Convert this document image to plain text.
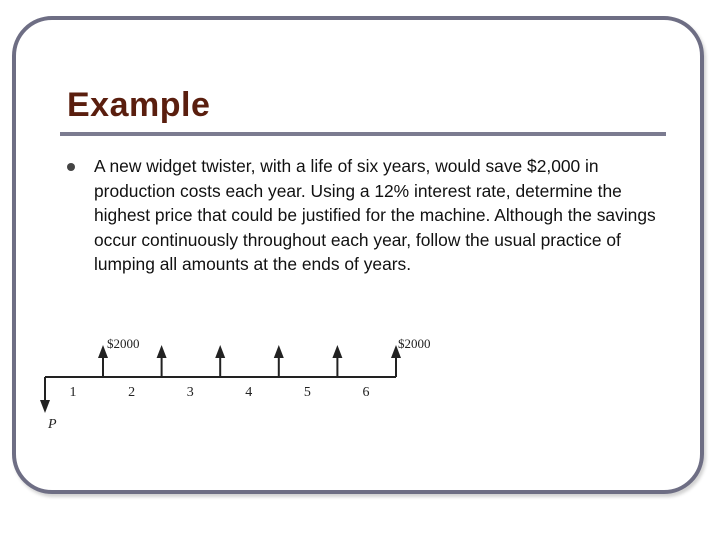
Example

A new widget twister, with a life of six years, would save $2,000 in production costs each year. Using a 12% interest rate, determine the highest price that could be justified for the machine. Although the savings occur continuously throughout each year, follow the usual practice of lumping all amounts at the ends of years.

P
1	2	3	4	5	6
$2000	$2000
